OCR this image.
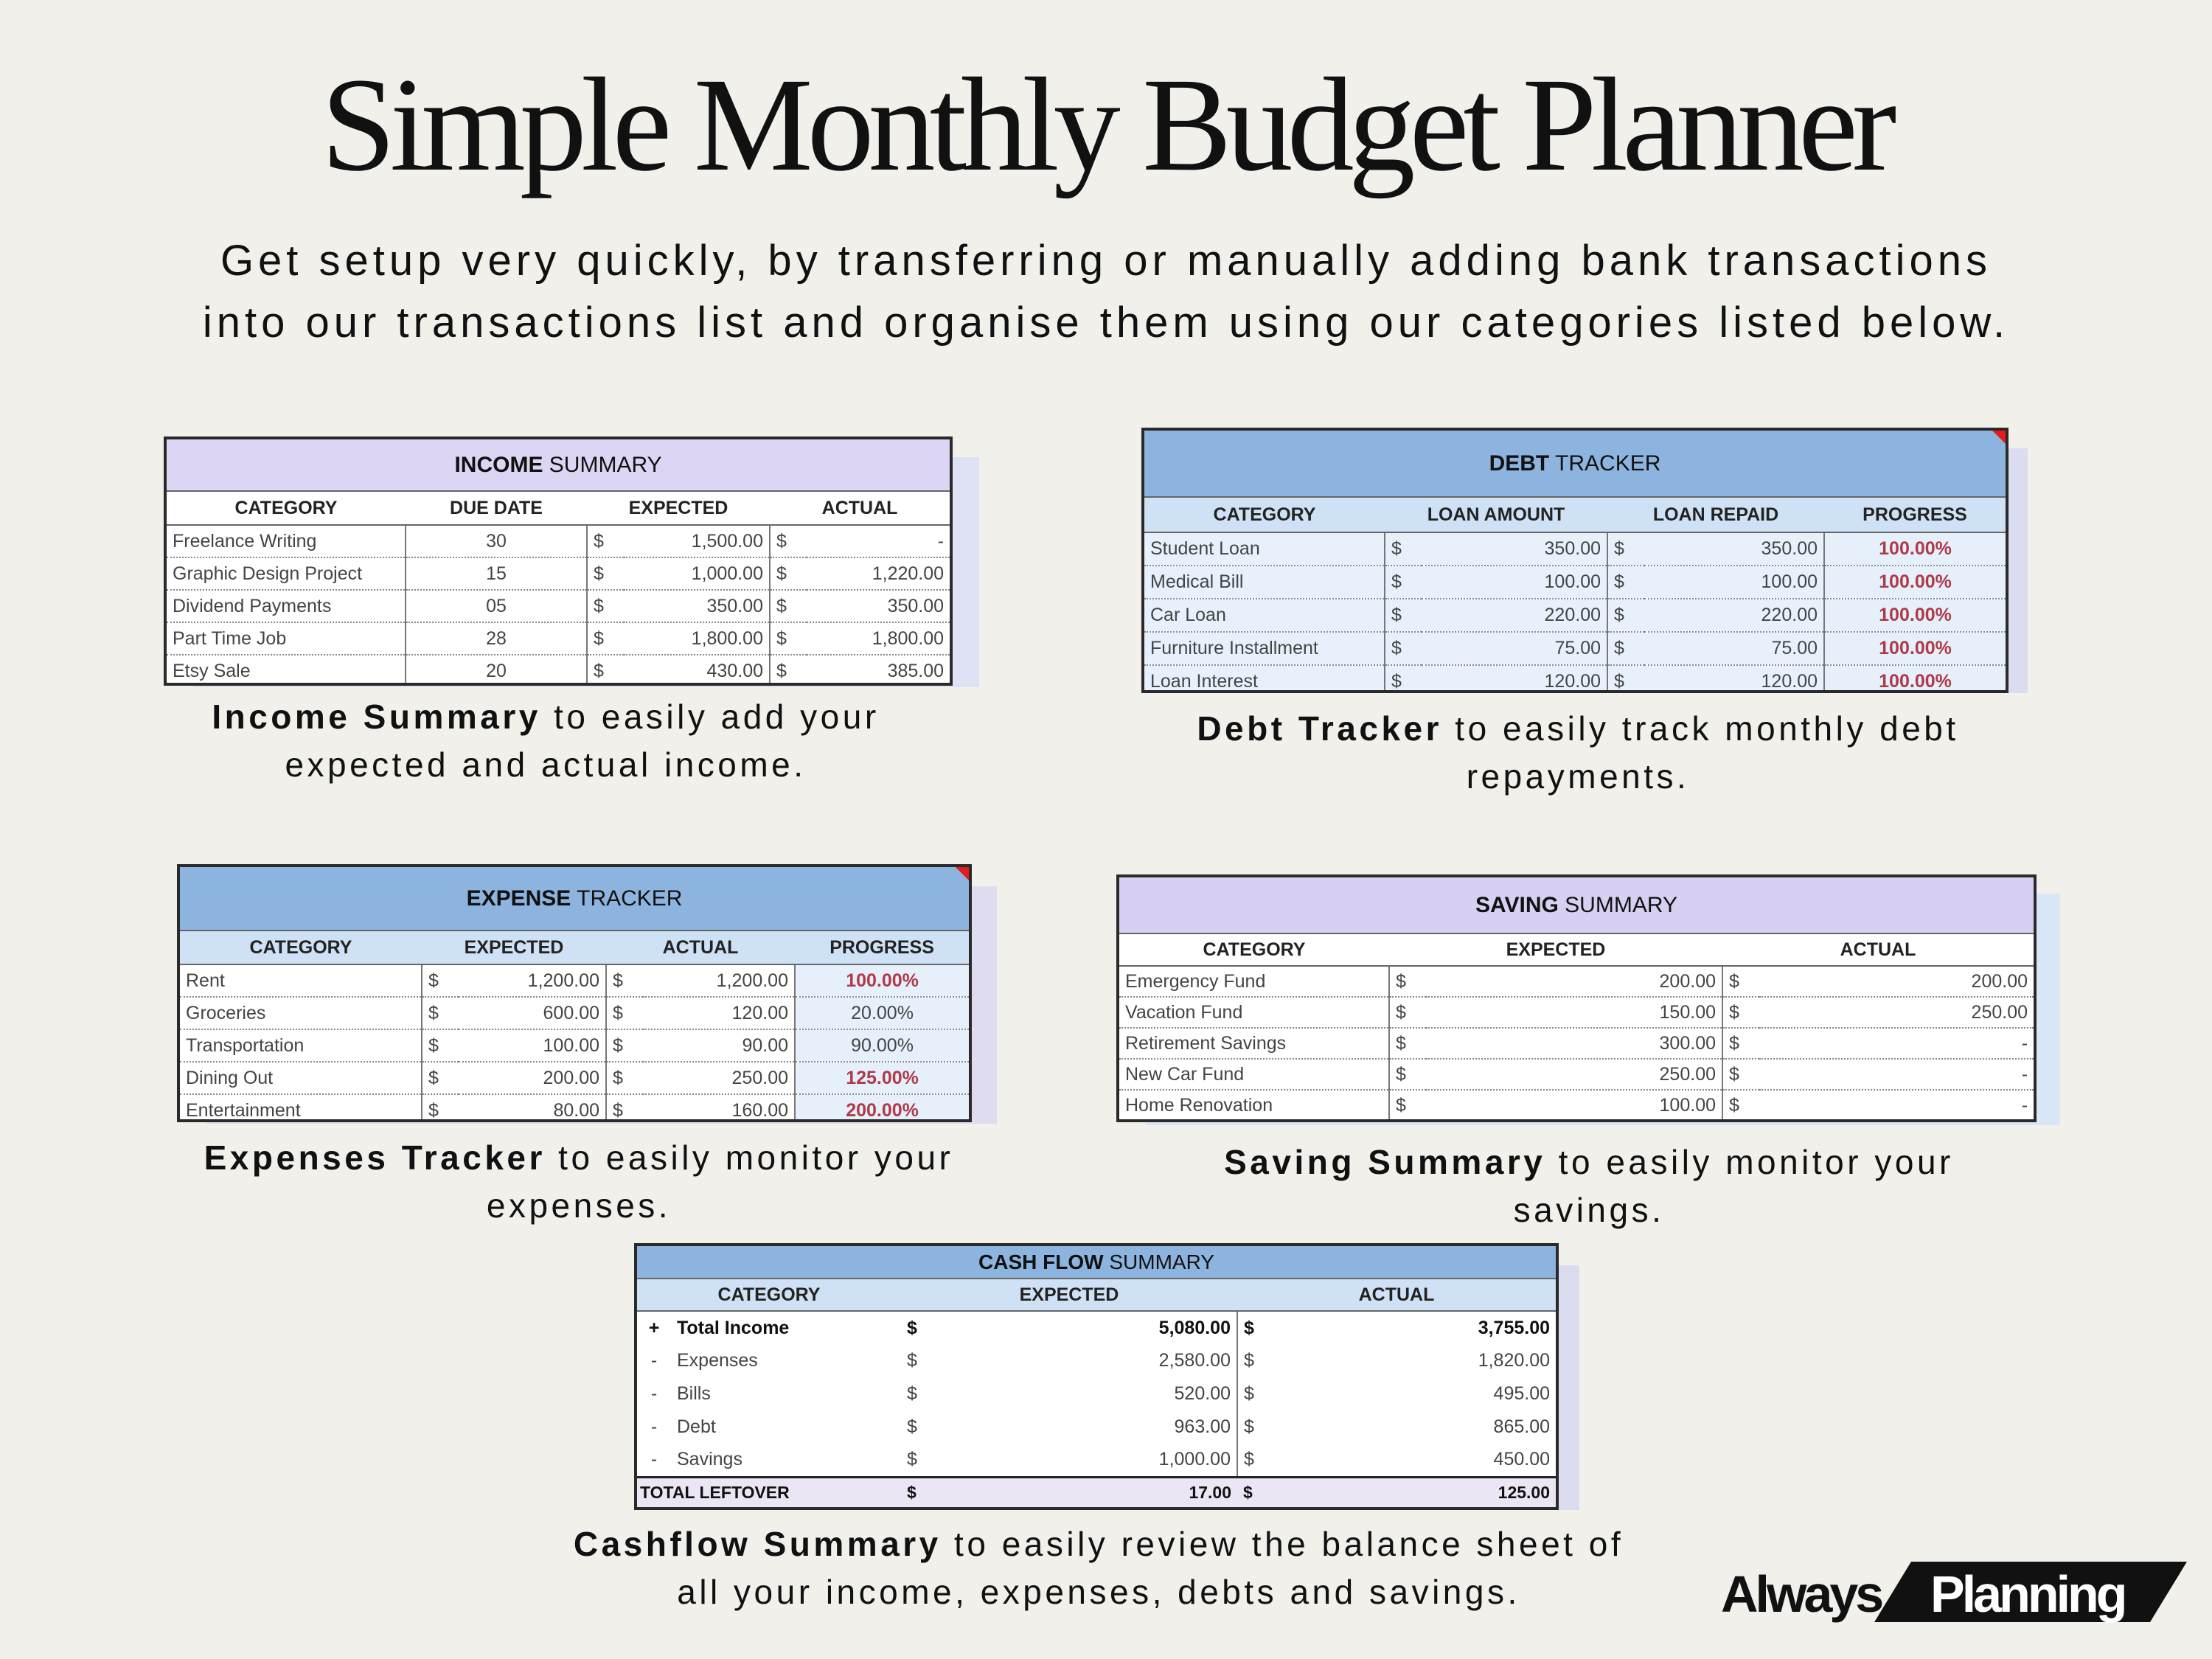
Simple Monthly Budget Planner
Get setup very quickly, by transferring or manually adding bank transactions
into our transactions list and organise them using our categories listed below.
INCOME SUMMARY					
CATEGORY	DUE DATE	EXPECTED		ACTUAL	
Freelance Writing	30	$	1,500.00	$	-
Graphic Design Project	15	$	1,000.00	$	1,220.00
Dividend Payments	05	$	350.00	$	350.00
Part Time Job	28	$	1,800.00	$	1,800.00
Etsy Sale	20	$	430.00	$	385.00
Income Summary to easily add your
expected and actual income.
DEBT TRACKER					
CATEGORY	LOAN AMOUNT		LOAN REPAID		PROGRESS
Student Loan	$	350.00	$	350.00	100.00%
Medical Bill	$	100.00	$	100.00	100.00%
Car Loan	$	220.00	$	220.00	100.00%
Furniture Installment	$	75.00	$	75.00	100.00%
Loan Interest	$	120.00	$	120.00	100.00%
Debt Tracker to easily track monthly debt
repayments.
EXPENSE TRACKER					
CATEGORY	EXPECTED		ACTUAL		PROGRESS
Rent	$	1,200.00	$	1,200.00	100.00%
Groceries	$	600.00	$	120.00	20.00%
Transportation	$	100.00	$	90.00	90.00%
Dining Out	$	200.00	$	250.00	125.00%
Entertainment	$	80.00	$	160.00	200.00%
Expenses Tracker to easily monitor your
expenses.
SAVING SUMMARY				
CATEGORY	EXPECTED		ACTUAL	
Emergency Fund	$	200.00	$	200.00
Vacation Fund	$	150.00	$	250.00
Retirement Savings	$	300.00	$	-
New Car Fund	$	250.00	$	-
Home Renovation	$	100.00	$	-
Saving Summary to easily monitor your
savings.
CASH FLOW SUMMARY					
CATEGORY		EXPECTED		ACTUAL	
+	Total Income	$	5,080.00	$	3,755.00
-	Expenses	$	2,580.00	$	1,820.00
-	Bills	$	520.00	$	495.00
-	Debt	$	963.00	$	865.00
-	Savings	$	1,000.00	$	450.00
TOTAL LEFTOVER		$	17.00	$	125.00
Cashflow Summary to easily review the balance sheet of
all your income, expenses, debts and savings.	Always Planning
